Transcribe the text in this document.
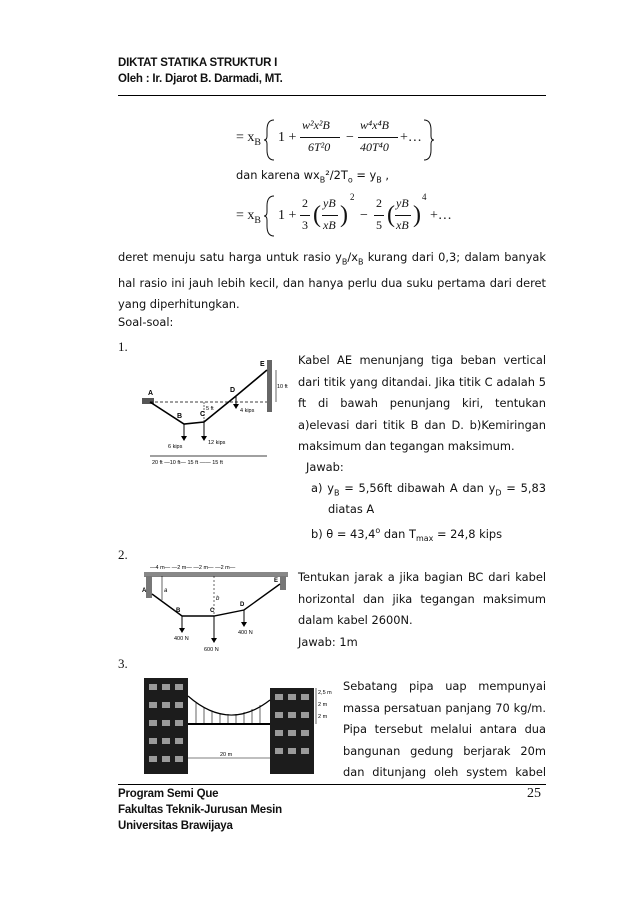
DIKTAT STATIKA STRUKTUR I
Oleh : Ir. Djarot B. Darmadi, MT.
= $x_B$ 1 +
w²x²B
6T²0
−
w⁴x⁴B
40T⁴0
+…
dan karena $wx_B^2/2T_o = y_B$ ,
= $x_B$ 1 +
2
3 ( yB
xB )
2
−
2
5 ( yB
xB )
4
+…
deret menuju satu harga untuk rasio $y_B/x_B$ kurang dari 0,3; dalam banyak
hal rasio ini jauh lebih kecil, dan hanya perlu dua suku pertama dari deret
yang diperhitungkan.
Soal-soal:
1.
A
B	C
D
E
5 ft
10 ft
4 kips
6 kips
12 kips
20 ft —10 ft— 15 ft —— 15 ft
Kabel AE menunjang tiga beban vertical
dari titik yang ditandai. Jika titik C adalah 5
ft di bawah penunjang kiri, tentukan
a)elevasi dari titik B dan D. b)Kemiringan
maksimum dan tegangan maksimum.
Jawab:
a) $y_B = 5,56ft$ dibawah A dan $y_D = 5,83$
diatas A
b) $\theta = 43,4^o$ dan $T_{max} = 24,8$ kips
2.
—4 m— —2 m— —2 m— —2 m—
A
B	C
D
E
a
b
400 N
600 N
400 N
Tentukan jarak a jika bagian BC dari kabel
horizontal dan jika tegangan maksimum
dalam kabel 2600N.
Jawab: 1m
3.
2,5 m
2 m
2 m
20 m
Sebatang pipa uap mempunyai
massa persatuan panjang 70 kg/m.
Pipa tersebut melalui antara dua
bangunan gedung berjarak 20m
dan ditunjang oleh system kabel
Program Semi Que
Fakultas Teknik-Jurusan Mesin
Universitas Brawijaya
25
